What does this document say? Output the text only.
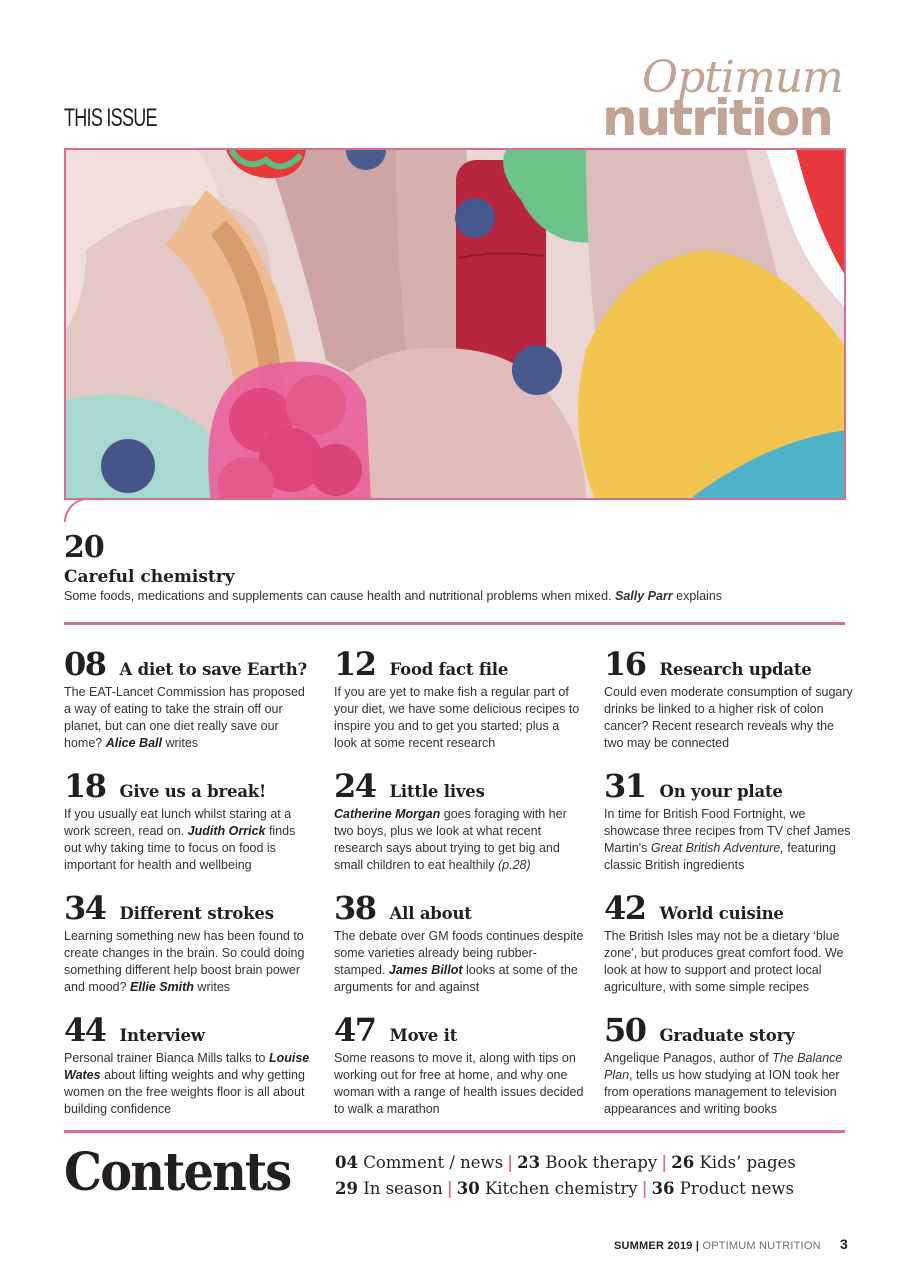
THIS ISSUE
Optimum
nutrition
20
Careful chemistry
Some foods, medications and supplements can cause health and nutritional problems when mixed. Sally Parr explains
08 A diet to save Earth?
The EAT-Lancet Commission has proposed a way of eating to take the strain off our planet, but can one diet really save our home? Alice Ball writes
12 Food fact file
If you are yet to make fish a regular part of your diet, we have some delicious recipes to inspire you and to get you started; plus a look at some recent research
16 Research update
Could even moderate consumption of sugary drinks be linked to a higher risk of colon cancer? Recent research reveals why the two may be connected
18 Give us a break!
If you usually eat lunch whilst staring at a work screen, read on. Judith Orrick finds out why taking time to focus on food is important for health and wellbeing
24 Little lives
Catherine Morgan goes foraging with her two boys, plus we look at what recent research says about trying to get big and small children to eat healthily (p.28)
31 On your plate
In time for British Food Fortnight, we showcase three recipes from TV chef James Martin's Great British Adventure, featuring classic British ingredients
34 Different strokes
Learning something new has been found to create changes in the brain. So could doing something different help boost brain power and mood? Ellie Smith writes
38 All about
The debate over GM foods continues despite some varieties already being rubber-stamped. James Billot looks at some of the arguments for and against
42 World cuisine
The British Isles may not be a dietary ‘blue zone’, but produces great comfort food. We look at how to support and protect local agriculture, with some simple recipes
44 Interview
Personal trainer Bianca Mills talks to Louise Wates about lifting weights and why getting women on the free weights floor is all about building confidence
47 Move it
Some reasons to move it, along with tips on working out for free at home, and why one woman with a range of health issues decided to walk a marathon
50 Graduate story
Angelique Panagos, author of The Balance Plan, tells us how studying at ION took her from operations management to television appearances and writing books
Contents	04 Comment / news | 23 Book therapy | 26 Kids’ pages
29 In season | 30 Kitchen chemistry | 36 Product news
SUMMER 2019 | OPTIMUM NUTRITION 3
